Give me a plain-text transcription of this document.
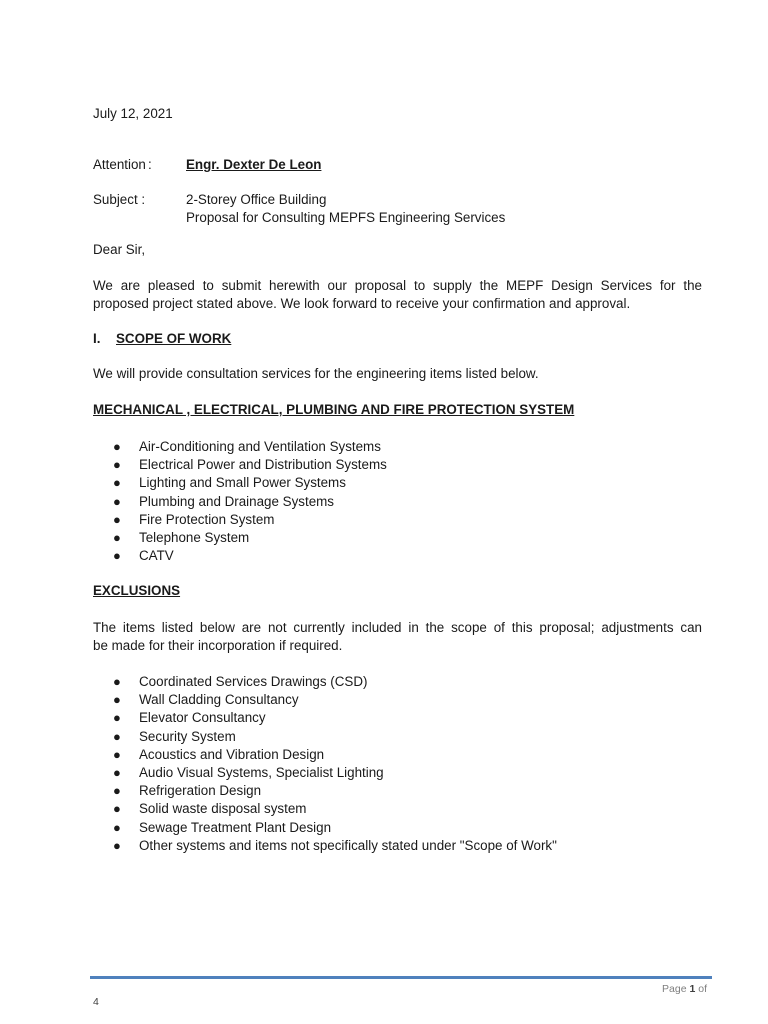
July 12, 2021
Attention :	Engr. Dexter De Leon
Subject :	2-Storey Office Building
Proposal for Consulting MEPFS Engineering Services
Dear Sir,
We are pleased to submit herewith our proposal to supply the MEPF Design Services for the
proposed project stated above. We look forward to receive your confirmation and approval.
I. SCOPE OF WORK
We will provide consultation services for the engineering items listed below.
MECHANICAL , ELECTRICAL, PLUMBING AND FIRE PROTECTION SYSTEM
● Air-Conditioning and Ventilation Systems
● Electrical Power and Distribution Systems
● Lighting and Small Power Systems
● Plumbing and Drainage Systems
● Fire Protection System
● Telephone System
● CATV
EXCLUSIONS
The items listed below are not currently included in the scope of this proposal; adjustments can
be made for their incorporation if required.
● Coordinated Services Drawings (CSD)
● Wall Cladding Consultancy
● Elevator Consultancy
● Security System
● Acoustics and Vibration Design
● Audio Visual Systems, Specialist Lighting
● Refrigeration Design
● Solid waste disposal system
● Sewage Treatment Plant Design
● Other systems and items not specifically stated under "Scope of Work"
Page 1 of
4
